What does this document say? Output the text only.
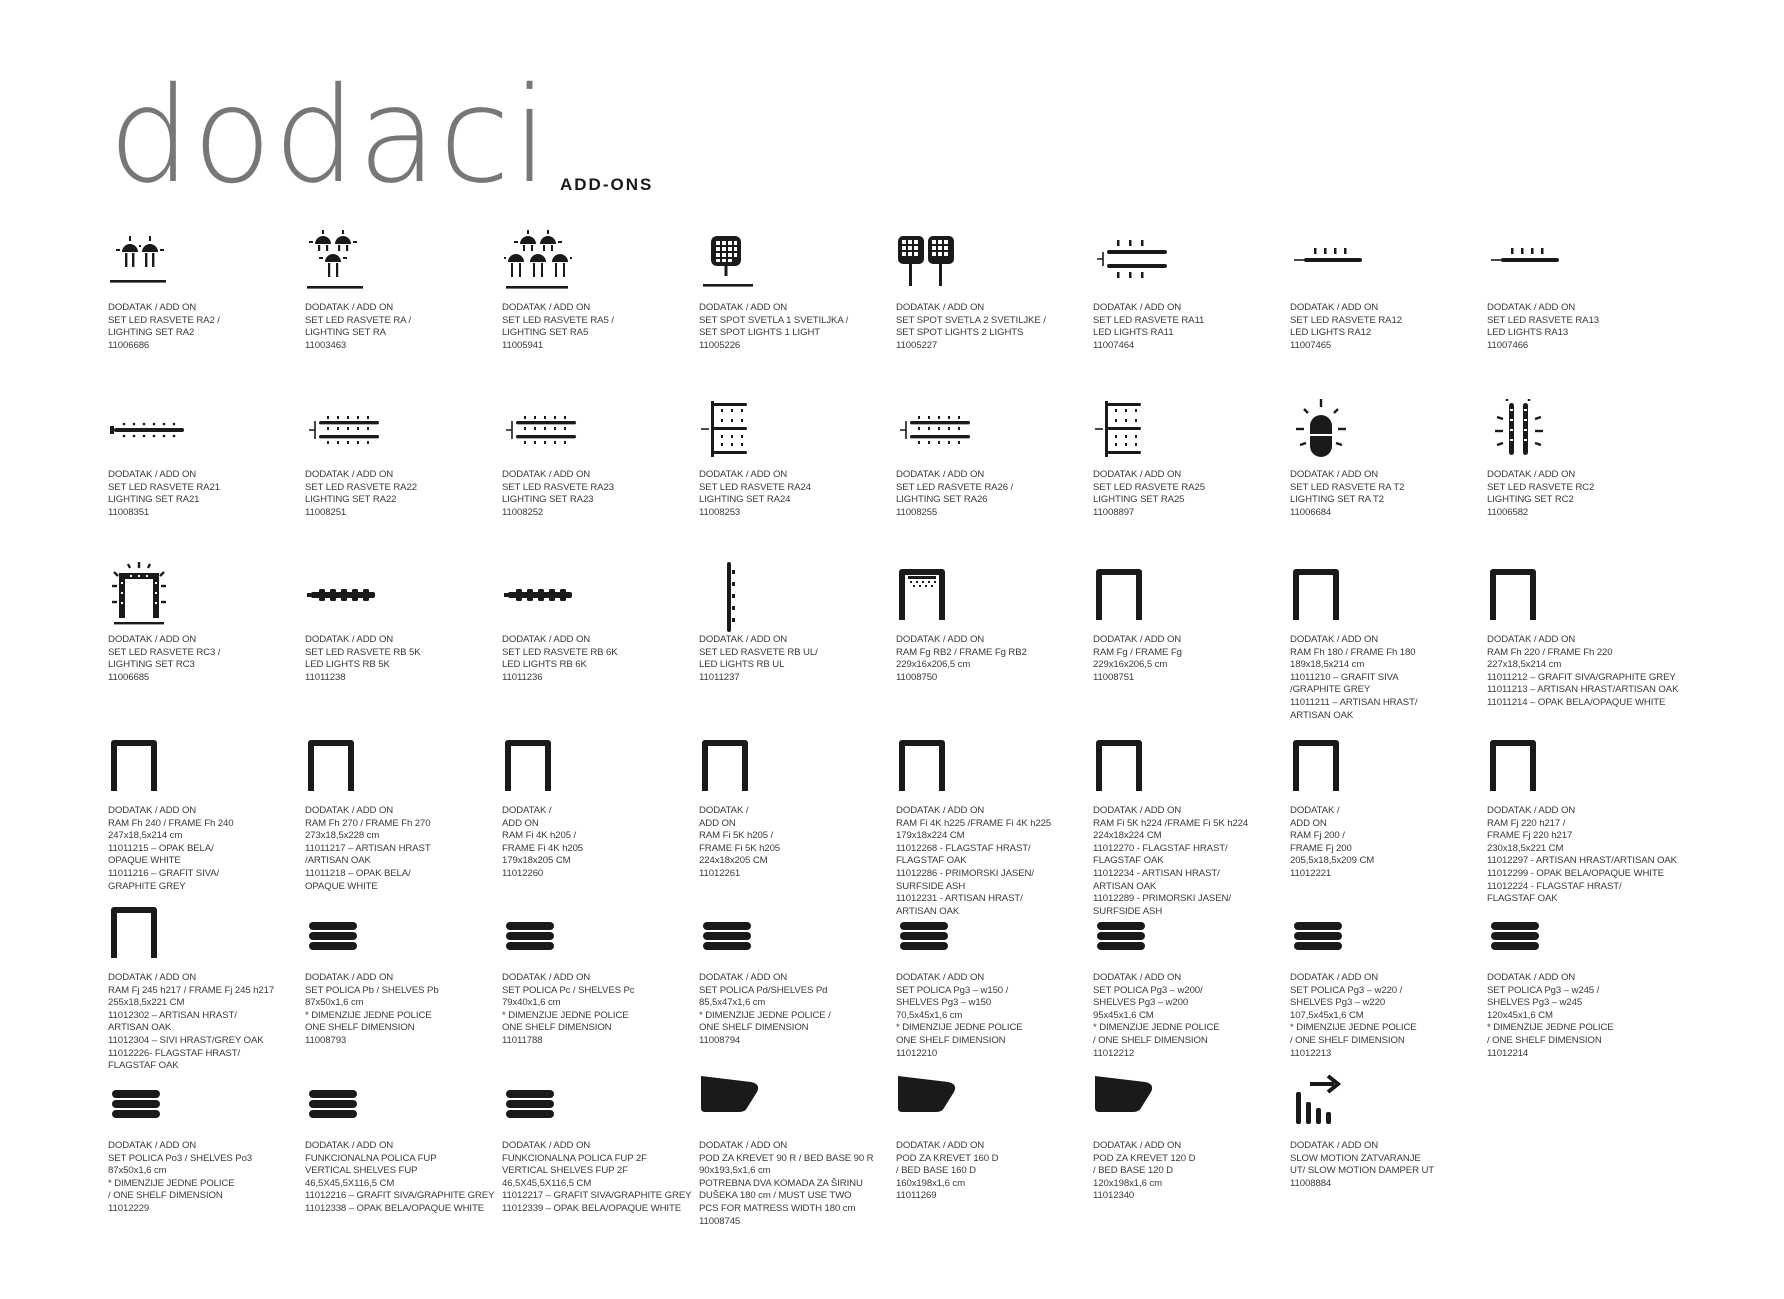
dodaci ADD-ONS
DODATAK / ADD ON
SET LED RASVETE RA2 /
LIGHTING SET RA2
11006686
DODATAK / ADD ON
SET LED RASVETE RA /
LIGHTING SET RA
11003463
DODATAK / ADD ON
SET LED RASVETE RA5 /
LIGHTING SET RA5
11005941
DODATAK / ADD ON
SET SPOT SVETLA 1 SVETILJKA /
SET SPOT LIGHTS 1 LIGHT
11005226
DODATAK / ADD ON
SET SPOT SVETLA 2 SVETILJKE /
SET SPOT LIGHTS 2 LIGHTS
11005227
DODATAK / ADD ON
SET LED RASVETE RA11
LED LIGHTS RA11
11007464
DODATAK / ADD ON
SET LED RASVETE RA12
LED LIGHTS RA12
11007465
DODATAK / ADD ON
SET LED RASVETE RA13
LED LIGHTS RA13
11007466
DODATAK / ADD ON
SET LED RASVETE RA21
LIGHTING SET RA21
11008351
DODATAK / ADD ON
SET LED RASVETE RA22
LIGHTING SET RA22
11008251
DODATAK / ADD ON
SET LED RASVETE RA23
LIGHTING SET RA23
11008252
DODATAK / ADD ON
SET LED RASVETE RA24
LIGHTING SET RA24
11008253
DODATAK / ADD ON
SET LED RASVETE RA26 /
LIGHTING SET RA26
11008255
DODATAK / ADD ON
SET LED RASVETE RA25
LIGHTING SET RA25
11008897
DODATAK / ADD ON
SET LED RASVETE RA T2
LIGHTING SET RA T2
11006684
DODATAK / ADD ON
SET LED RASVETE RC2
LIGHTING SET RC2
11006582
DODATAK / ADD ON
SET LED RASVETE RC3 /
LIGHTING SET RC3
11006685
DODATAK / ADD ON
SET LED RASVETE RB 5K
LED LIGHTS RB 5K
11011238
DODATAK / ADD ON
SET LED RASVETE RB 6K
LED LIGHTS RB 6K
11011236
DODATAK / ADD ON
SET LED RASVETE RB UL/
LED LIGHTS RB UL
11011237
DODATAK / ADD ON
RAM Fg RB2 / FRAME Fg RB2
229x16x206,5 cm
11008750
DODATAK / ADD ON
RAM Fg / FRAME Fg
229x16x206,5 cm
11008751
DODATAK / ADD ON
RAM Fh 180 / FRAME Fh 180
189x18,5x214 cm
11011210 – GRAFIT SIVA
/GRAPHITE GREY
11011211 – ARTISAN HRAST/
ARTISAN OAK
DODATAK / ADD ON
RAM Fh 220 / FRAME Fh 220
227x18,5x214 cm
11011212 – GRAFIT SIVA/GRAPHITE GREY
11011213 – ARTISAN HRAST/ARTISAN OAK
11011214 – OPAK BELA/OPAQUE WHITE
DODATAK / ADD ON
RAM Fh 240 / FRAME Fh 240
247x18,5x214 cm
11011215 – OPAK BELA/
OPAQUE WHITE
11011216 – GRAFIT SIVA/
GRAPHITE GREY
DODATAK / ADD ON
RAM Fh 270 / FRAME Fh 270
273x18,5x228 cm
11011217 – ARTISAN HRAST
/ARTISAN OAK
11011218 – OPAK BELA/
OPAQUE WHITE
DODATAK /
ADD ON
RAM Fi 4K h205 /
FRAME Fi 4K h205
179x18x205 CM
11012260
DODATAK /
ADD ON
RAM Fi 5K h205 /
FRAME Fi 5K h205
224x18x205 CM
11012261
DODATAK / ADD ON
RAM Fi 4K h225 /FRAME Fi 4K h225
179x18x224 CM
11012268 - FLAGSTAF HRAST/
FLAGSTAF OAK
11012286 - PRIMORSKI JASEN/
SURFSIDE ASH
11012231 - ARTISAN HRAST/
ARTISAN OAK
DODATAK / ADD ON
RAM Fi 5K h224 /FRAME Fi 5K h224
224x18x224 CM
11012270 - FLAGSTAF HRAST/
FLAGSTAF OAK
11012234 - ARTISAN HRAST/
ARTISAN OAK
11012289 - PRIMORSKI JASEN/
SURFSIDE ASH
DODATAK /
ADD ON
RAM Fj 200 /
FRAME Fj 200
205,5x18,5x209 CM
11012221
DODATAK / ADD ON
RAM Fj 220 h217 /
FRAME Fj 220 h217
230x18,5x221 CM
11012297 - ARTISAN HRAST/ARTISAN OAK
11012299 - OPAK BELA/OPAQUE WHITE
11012224 - FLAGSTAF HRAST/
FLAGSTAF OAK
DODATAK / ADD ON
RAM Fj 245 h217 / FRAME Fj 245 h217
255x18,5x221 CM
11012302 – ARTISAN HRAST/
ARTISAN OAK
11012304 – SIVI HRAST/GREY OAK
11012226- FLAGSTAF HRAST/
FLAGSTAF OAK
DODATAK / ADD ON
SET POLICA Pb / SHELVES Pb
87x50x1,6 cm
* DIMENZIJE JEDNE POLICE
ONE SHELF DIMENSION
11008793
DODATAK / ADD ON
SET POLICA Pc / SHELVES Pc
79x40x1,6 cm
* DIMENZIJE JEDNE POLICE
ONE SHELF DIMENSION
11011788
DODATAK / ADD ON
SET POLICA Pd/SHELVES Pd
85,5x47x1,6 cm
* DIMENZIJE JEDNE POLICE /
ONE SHELF DIMENSION
11008794
DODATAK / ADD ON
SET POLICA Pg3 – w150 /
SHELVES Pg3 – w150
70,5x45x1,6 cm
* DIMENZIJE JEDNE POLICE
ONE SHELF DIMENSION
11012210
DODATAK / ADD ON
SET POLICA Pg3 – w200/
SHELVES Pg3 – w200
95x45x1,6 CM
* DIMENZIJE JEDNE POLICE
/ ONE SHELF DIMENSION
11012212
DODATAK / ADD ON
SET POLICA Pg3 – w220 /
SHELVES Pg3 – w220
107,5x45x1,6 CM
* DIMENZIJE JEDNE POLICE
/ ONE SHELF DIMENSION
11012213
DODATAK / ADD ON
SET POLICA Pg3 – w245 /
SHELVES Pg3 – w245
120x45x1,6 CM
* DIMENZIJE JEDNE POLICE
/ ONE SHELF DIMENSION
11012214
DODATAK / ADD ON
SET POLICA Po3 / SHELVES Po3
87x50x1,6 cm
* DIMENZIJE JEDNE POLICE
/ ONE SHELF DIMENSION
11012229
DODATAK / ADD ON
FUNKCIONALNA POLICA FUP
VERTICAL SHELVES FUP
46,5X45,5X116,5 CM
11012216 – GRAFIT SIVA/GRAPHITE GREY
11012338 – OPAK BELA/OPAQUE WHITE
DODATAK / ADD ON
FUNKCIONALNA POLICA FUP 2F
VERTICAL SHELVES FUP 2F
46,5X45,5X116,5 CM
11012217 – GRAFIT SIVA/GRAPHITE GREY
11012339 – OPAK BELA/OPAQUE WHITE
DODATAK / ADD ON
POD ZA KREVET 90 R / BED BASE 90 R
90x193,5x1,6 cm
POTREBNA DVA KOMADA ZA ŠIRINU
DUŠEKA 180 cm / MUST USE TWO
PCS FOR MATRESS WIDTH 180 cm
11008745
DODATAK / ADD ON
POD ZA KREVET 160 D
/ BED BASE 160 D
160x198x1,6 cm
11011269
DODATAK / ADD ON
POD ZA KREVET 120 D
/ BED BASE 120 D
120x198x1,6 cm
11012340
DODATAK / ADD ON
SLOW MOTION ZATVARANJE
UT/ SLOW MOTION DAMPER UT
11008884
